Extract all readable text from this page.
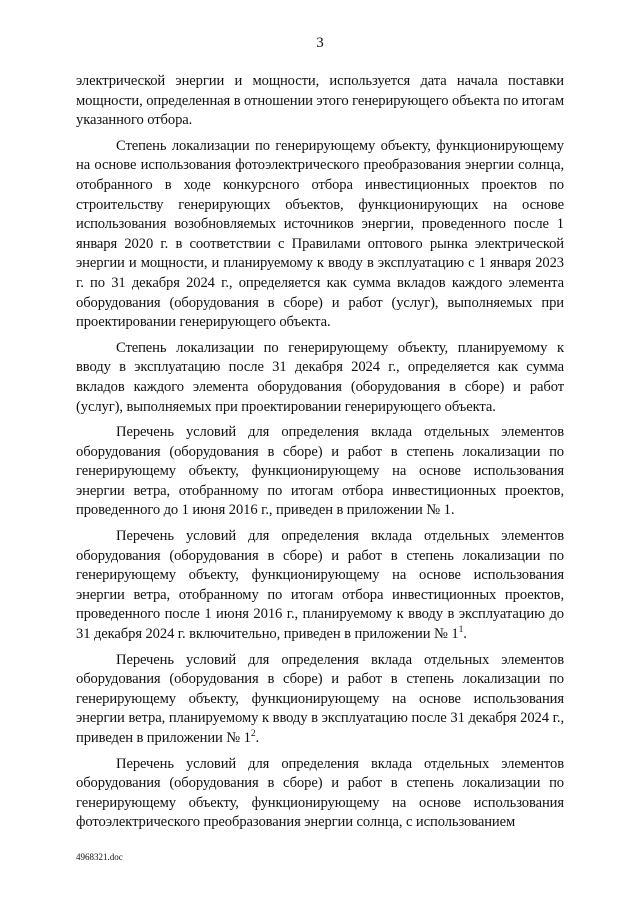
3

электрической энергии и мощности, используется дата начала поставки мощности, определенная в отношении этого генерирующего объекта по итогам указанного отбора.

Степень локализации по генерирующему объекту, функционирующему на основе использования фотоэлектрического преобразования энергии солнца, отобранного в ходе конкурсного отбора инвестиционных проектов по строительству генерирующих объектов, функционирующих на основе использования возобновляемых источников энергии, проведенного после 1 января 2020 г. в соответствии с Правилами оптового рынка электрической энергии и мощности, и планируемому к вводу в эксплуатацию с 1 января 2023 г. по 31 декабря 2024 г., определяется как сумма вкладов каждого элемента оборудования (оборудования в сборе) и работ (услуг), выполняемых при проектировании генерирующего объекта.

Степень локализации по генерирующему объекту, планируемому к вводу в эксплуатацию после 31 декабря 2024 г., определяется как сумма вкладов каждого элемента оборудования (оборудования в сборе) и работ (услуг), выполняемых при проектировании генерирующего объекта.

Перечень условий для определения вклада отдельных элементов оборудования (оборудования в сборе) и работ в степень локализации по генерирующему объекту, функционирующему на основе использования энергии ветра, отобранному по итогам отбора инвестиционных проектов, проведенного до 1 июня 2016 г., приведен в приложении № 1.

Перечень условий для определения вклада отдельных элементов оборудования (оборудования в сборе) и работ в степень локализации по генерирующему объекту, функционирующему на основе использования энергии ветра, отобранному по итогам отбора инвестиционных проектов, проведенного после 1 июня 2016 г., планируемому к вводу в эксплуатацию до 31 декабря 2024 г. включительно, приведен в приложении № $1^1$.

Перечень условий для определения вклада отдельных элементов оборудования (оборудования в сборе) и работ в степень локализации по генерирующему объекту, функционирующему на основе использования энергии ветра, планируемому к вводу в эксплуатацию после 31 декабря 2024 г., приведен в приложении № $1^2$.

Перечень условий для определения вклада отдельных элементов оборудования (оборудования в сборе) и работ в степень локализации по генерирующему объекту, функционирующему на основе использования фотоэлектрического преобразования энергии солнца, с использованием

4968321.doc
